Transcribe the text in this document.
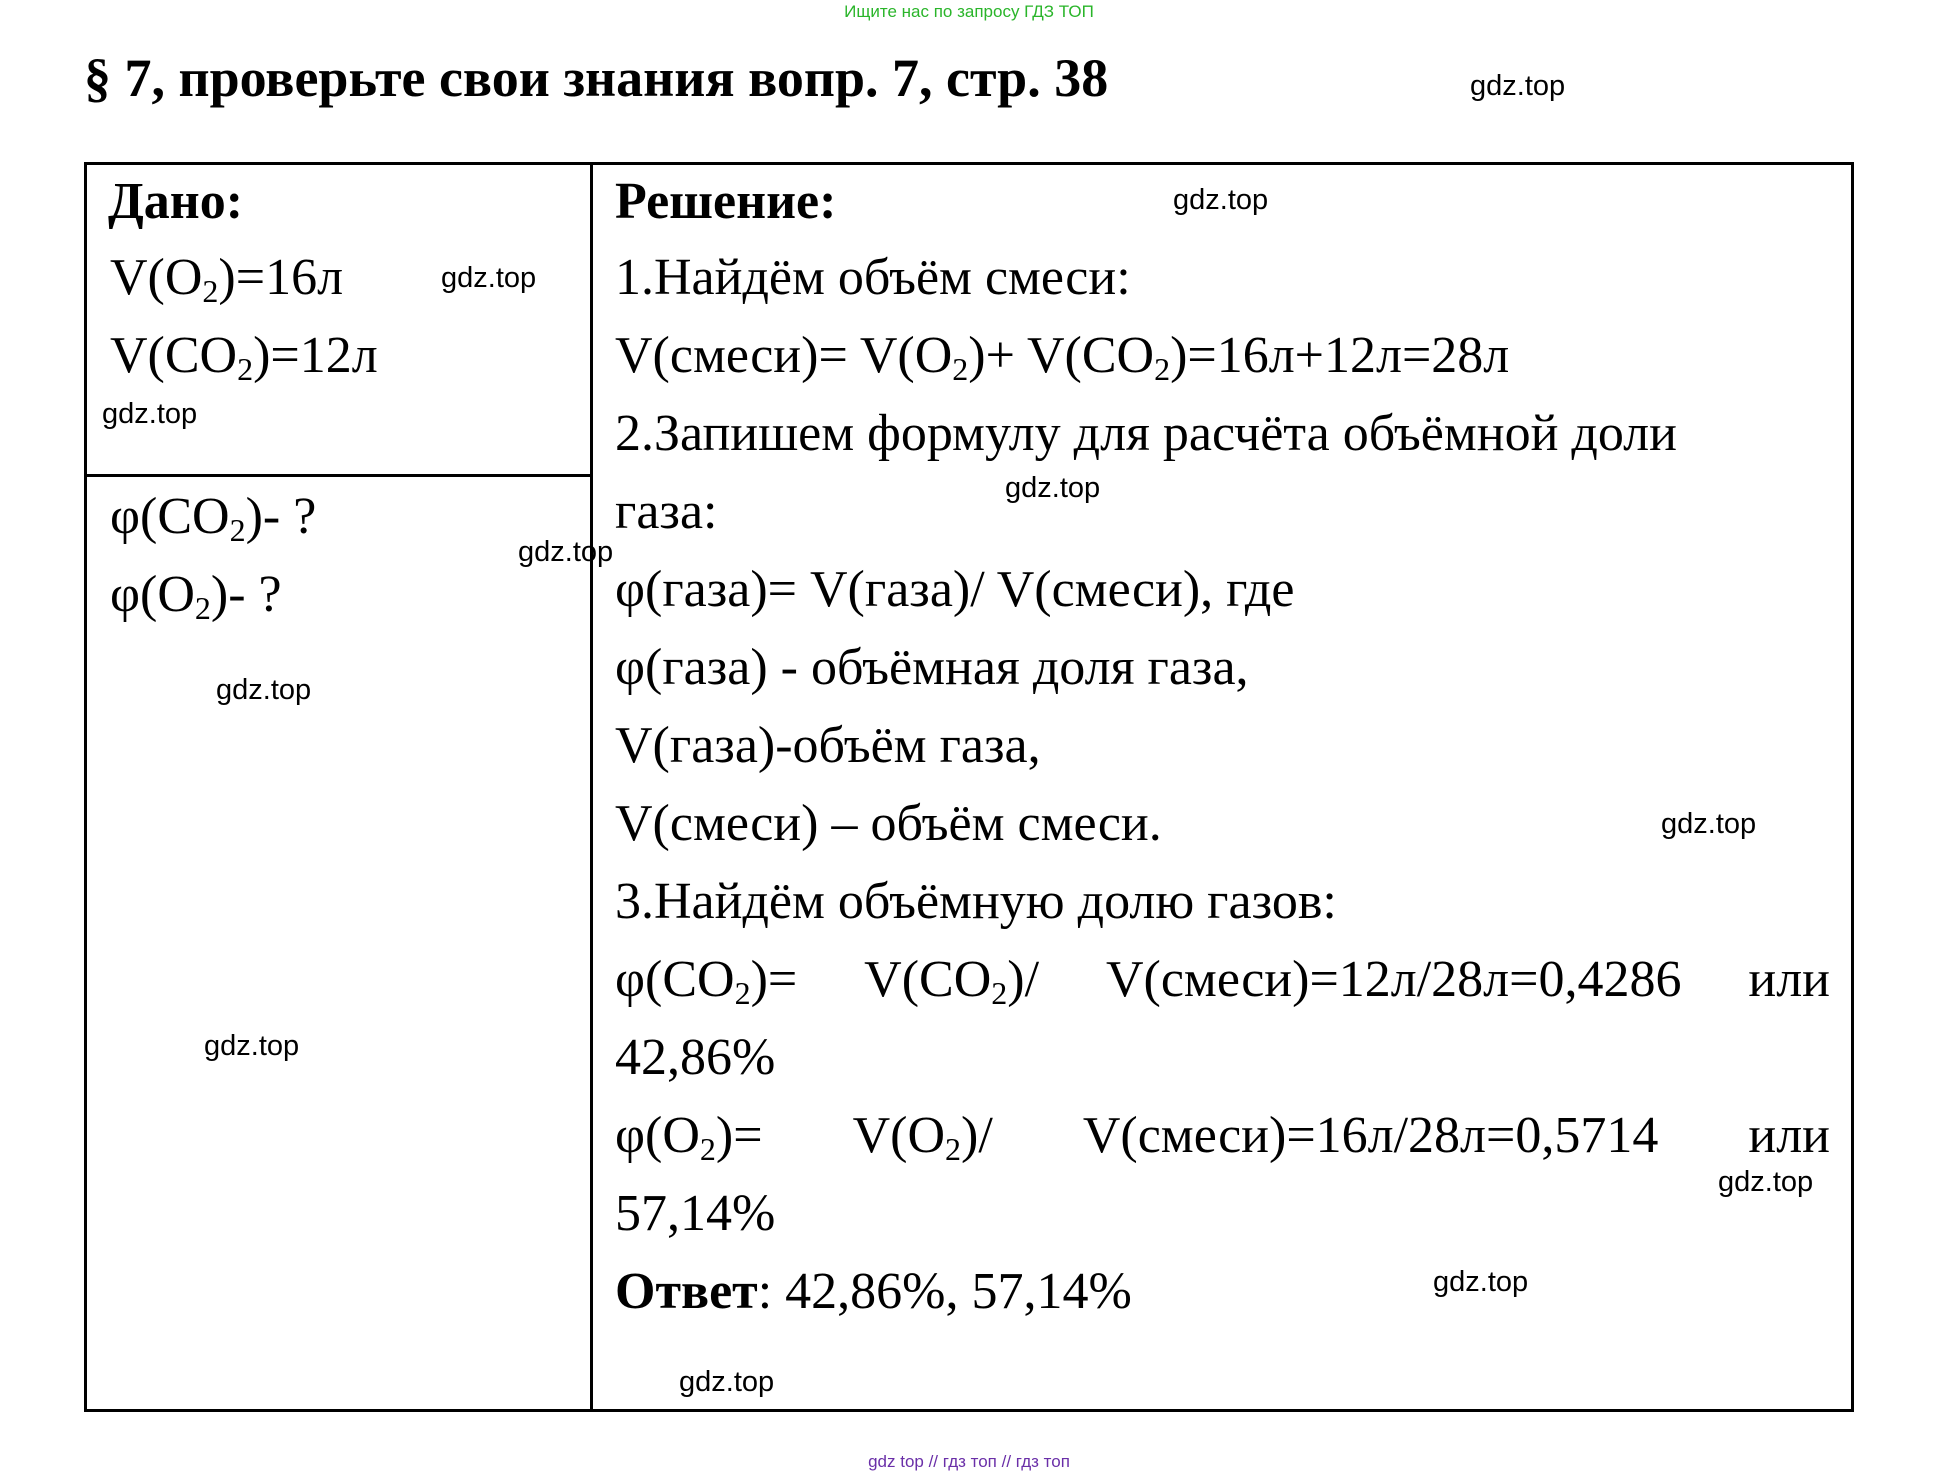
Ищите нас по запросу ГДЗ ТОП
§ 7, проверьте свои знания вопр. 7, стр. 38
Дано:
$V(O_2)=16л$
$V(CO_2)=12л$
$\varphi(CO_2)-$ ?
$\varphi(O_2)-$ ?
Решение:
1.Найдём объём смеси:
V(смеси)= $V(O_2)+ V(CO_2)=16л+12л=28л$
2.Запишем формулу для расчёта объёмной доли
газа:
φ(газа)= V(газа)/ V(смеси), где
φ(газа) - объёмная доля газа,
V(газа)-объём газа,
V(смеси) – объём смеси.
3.Найдём объёмную долю газов:
$\varphi(CO_2)= V(CO_2)/$ V(смеси)=12л/28л=0,4286 или
42,86%
$\varphi(O_2)= V(O_2)/$ V(смеси)=16л/28л=0,5714 или
57,14%
Ответ: 42,86%, 57,14%
gdz.top
gdz.top
gdz.top
gdz.top
gdz.top
gdz.top
gdz.top
gdz.top
gdz.top
gdz.top
gdz.top
gdz.top
gdz top // гдз топ // гдз топ
